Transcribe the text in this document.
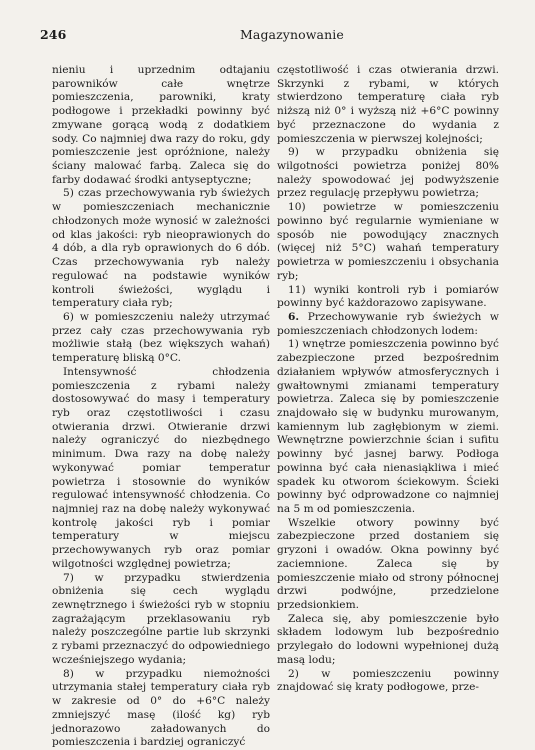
246	Magazynowanie

nieniu i uprzednim odtajaniu parowników całe wnętrze pomieszczenia, parowniki, kraty podłogowe i przekładki powinny być zmywane gorącą wodą z dodatkiem sody. Co najmniej dwa razy do roku, gdy pomieszczenie jest opróżnione, należy ściany malować farbą. Zaleca się do farby dodawać środki antyseptyczne;

5) czas przechowywania ryb świeżych w pomieszczeniach mechanicznie chłodzonych może wynosić w zależności od klas jakości: ryb nieoprawionych do 4 dób, a dla ryb oprawionych do 6 dób. Czas przechowywania ryb należy regulować na podstawie wyników kontroli świeżości, wyglądu i temperatury ciała ryb;

6) w pomieszczeniu należy utrzymać przez cały czas przechowywania ryb możliwie stałą (bez większych wahań) temperaturę bliską 0°C.

Intensywność chłodzenia pomieszczenia z rybami należy dostosowywać do masy i temperatury ryb oraz częstotliwości i czasu otwierania drzwi. Otwieranie drzwi należy ograniczyć do niezbędnego minimum. Dwa razy na dobę należy wykonywać pomiar temperatur powietrza i stosownie do wyników regulować intensywność chłodzenia. Co najmniej raz na dobę należy wykonywać kontrolę jakości ryb i pomiar temperatury w miejscu przechowywanych ryb oraz pomiar wilgotności względnej powietrza;

7) w przypadku stwierdzenia obniżenia się cech wyglądu zewnętrznego i świeżości ryb w stopniu zagrażającym przeklasowaniu ryb należy poszczególne partie lub skrzynki z rybami przeznaczyć do odpowiedniego wcześniejszego wydania;

8) w przypadku niemożności utrzymania stałej temperatury ciała ryb w zakresie od 0° do +6°C należy zmniejszyć masę (ilość kg) ryb jednorazowo załadowanych do pomieszczenia i bardziej ograniczyć

częstotliwość i czas otwierania drzwi. Skrzynki z rybami, w których stwierdzono temperaturę ciała ryb niższą niż 0° i wyższą niż +6°C powinny być przeznaczone do wydania z pomieszczenia w pierwszej kolejności;

9) w przypadku obniżenia się wilgotności powietrza poniżej 80% należy spowodować jej podwyższenie przez regulację przepływu powietrza;

10) powietrze w pomieszczeniu powinno być regularnie wymieniane w sposób nie powodujący znacznych (więcej niż 5°C) wahań temperatury powietrza w pomieszczeniu i obsychania ryb;

11) wyniki kontroli ryb i pomiarów powinny być każdorazowo zapisywane.

6. Przechowywanie ryb świeżych w pomieszczeniach chłodzonych lodem:

1) wnętrze pomieszczenia powinno być zabezpieczone przed bezpośrednim działaniem wpływów atmosferycznych i gwałtownymi zmianami temperatury powietrza. Zaleca się by pomieszczenie znajdowało się w budynku murowanym, kamiennym lub zagłębionym w ziemi. Wewnętrzne powierzchnie ścian i sufitu powinny być jasnej barwy. Podłoga powinna być cała nienasiąkliwa i mieć spadek ku otworom ściekowym. Ścieki powinny być odprowadzone co najmniej na 5 m od pomieszczenia.

Wszelkie otwory powinny być zabezpieczone przed dostaniem się gryzoni i owadów. Okna powinny być zaciemnione. Zaleca się by pomieszczenie miało od strony północnej drzwi podwójne, przedzielone przedsionkiem.

Zaleca się, aby pomieszczenie było składem lodowym lub bezpośrednio przylegało do lodowni wypełnionej dużą masą lodu;

2) w pomieszczeniu powinny znajdować się kraty podłogowe, prze-
